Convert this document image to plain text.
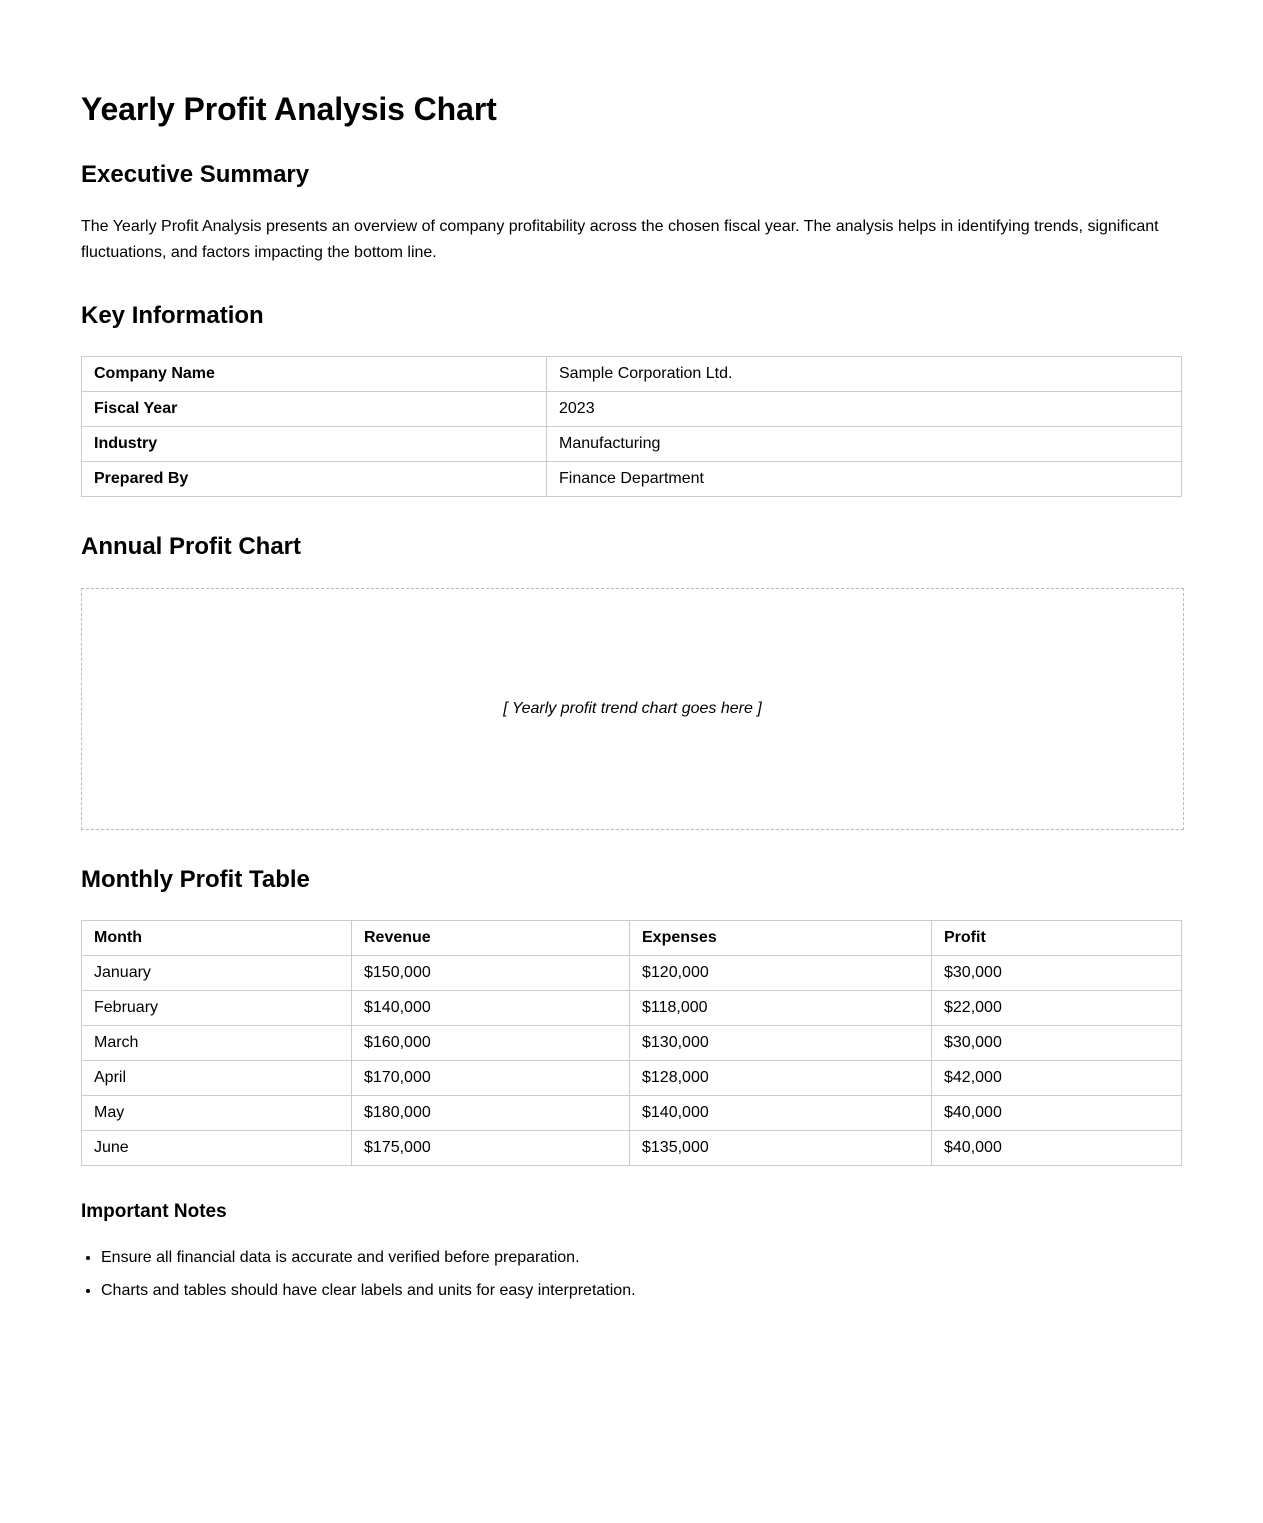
Yearly Profit Analysis Chart
Executive Summary

The Yearly Profit Analysis presents an overview of company profitability across the chosen fiscal year. The analysis helps in identifying trends, significant fluctuations, and factors impacting the bottom line.

Key Information
Company Name	Sample Corporation Ltd.
Fiscal Year	2023
Industry	Manufacturing
Prepared By	Finance Department
Annual Profit Chart
[ Yearly profit trend chart goes here ]
Monthly Profit Table
Month	Revenue	Expenses	Profit
January	$150,000	$120,000	$30,000
February	$140,000	$118,000	$22,000
March	$160,000	$130,000	$30,000
April	$170,000	$128,000	$42,000
May	$180,000	$140,000	$40,000
June	$175,000	$135,000	$40,000
Important Notes
• Ensure all financial data is accurate and verified before preparation.
• Charts and tables should have clear labels and units for easy interpretation.
